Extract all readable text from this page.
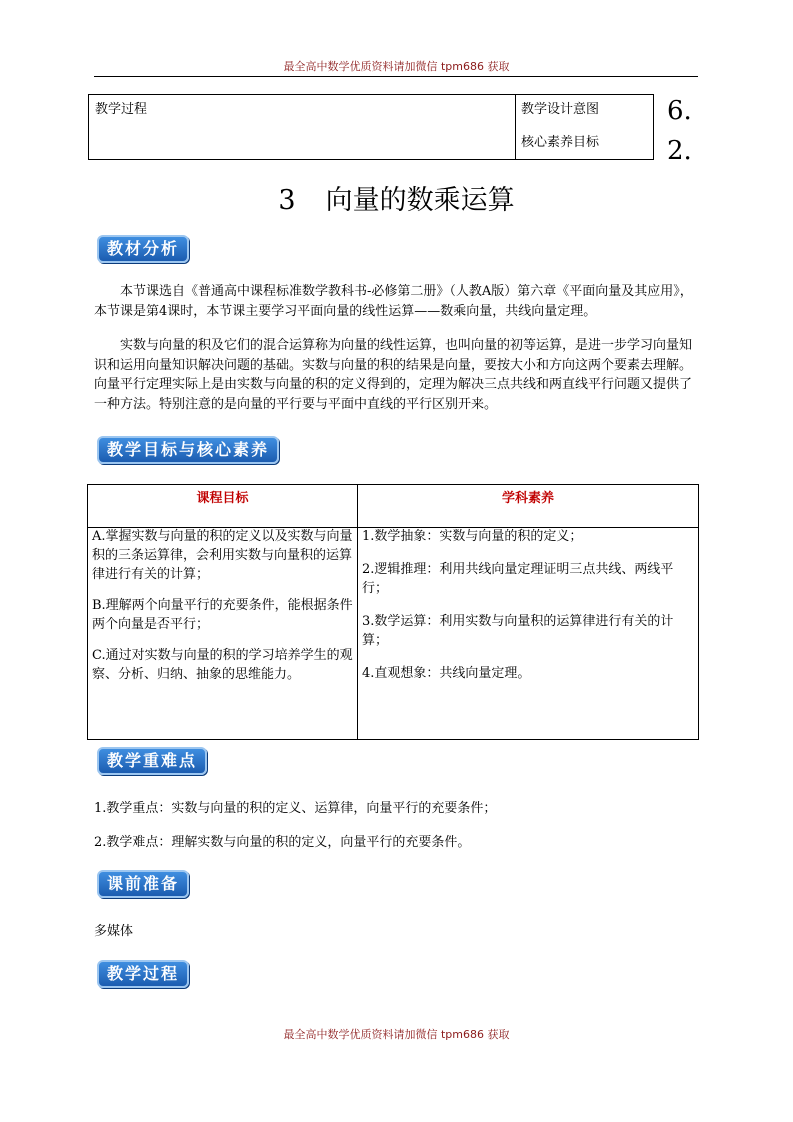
最全高中数学优质资料请加微信 tpm686 获取
教学过程	教学设计意图
核心素养目标
6.
2.
3 向量的数乘运算
教材分析

本节课选自《普通高中课程标准数学教科书-必修第二册》（人教A版）第六章《平面向量及其应用》，本节课是第4课时，本节课主要学习平面向量的线性运算——数乘向量，共线向量定理。

实数与向量的积及它们的混合运算称为向量的线性运算，也叫向量的初等运算，是进一步学习向量知识和运用向量知识解决问题的基础。实数与向量的积的结果是向量，要按大小和方向这两个要素去理解。向量平行定理实际上是由实数与向量的积的定义得到的，定理为解决三点共线和两直线平行问题又提供了一种方法。特别注意的是向量的平行要与平面中直线的平行区别开来。

教学目标与核心素养
课程目标	学科素养

A.掌握实数与向量的积的定义以及实数与向量积的三条运算律，会利用实数与向量积的运算律进行有关的计算；

B.理解两个向量平行的充要条件，能根据条件两个向量是否平行；

C.通过对实数与向量的积的学习培养学生的观察、分析、归纳、抽象的思维能力。

1.数学抽象：实数与向量的积的定义；

2.逻辑推理：利用共线向量定理证明三点共线、两线平行；

3.数学运算：利用实数与向量积的运算律进行有关的计算；

4.直观想象：共线向量定理。

教学重难点
1.教学重点：实数与向量的积的定义、运算律，向量平行的充要条件；
2.教学难点：理解实数与向量的积的定义，向量平行的充要条件。
课前准备
多媒体
教学过程
最全高中数学优质资料请加微信 tpm686 获取
